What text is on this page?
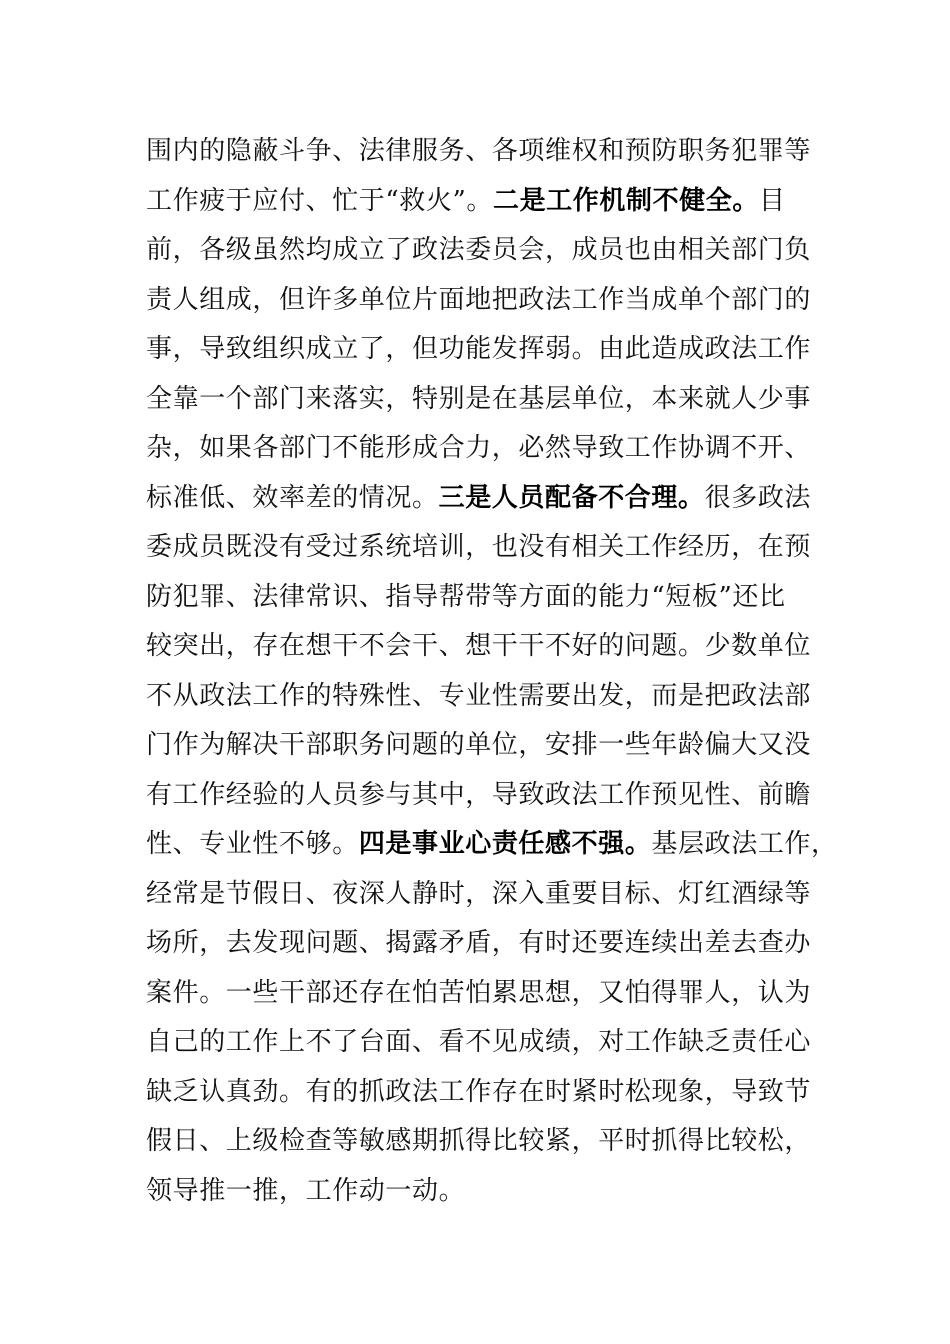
围内的隐蔽斗争、法律服务、各项维权和预防职务犯罪等
工作疲于应付、忙于“救火”。二是工作机制不健全。目
前，各级虽然均成立了政法委员会，成员也由相关部门负
责人组成，但许多单位片面地把政法工作当成单个部门的
事，导致组织成立了，但功能发挥弱。由此造成政法工作
全靠一个部门来落实，特别是在基层单位，本来就人少事
杂，如果各部门不能形成合力，必然导致工作协调不开、
标准低、效率差的情况。三是人员配备不合理。很多政法
委成员既没有受过系统培训，也没有相关工作经历，在预
防犯罪、法律常识、指导帮带等方面的能力“短板”还比
较突出，存在想干不会干、想干干不好的问题。少数单位
不从政法工作的特殊性、专业性需要出发，而是把政法部
门作为解决干部职务问题的单位，安排一些年龄偏大又没
有工作经验的人员参与其中，导致政法工作预见性、前瞻
性、专业性不够。四是事业心责任感不强。基层政法工作，
经常是节假日、夜深人静时，深入重要目标、灯红酒绿等
场所，去发现问题、揭露矛盾，有时还要连续出差去查办
案件。一些干部还存在怕苦怕累思想，又怕得罪人，认为
自己的工作上不了台面、看不见成绩，对工作缺乏责任心
缺乏认真劲。有的抓政法工作存在时紧时松现象，导致节
假日、上级检查等敏感期抓得比较紧，平时抓得比较松，
领导推一推，工作动一动。
